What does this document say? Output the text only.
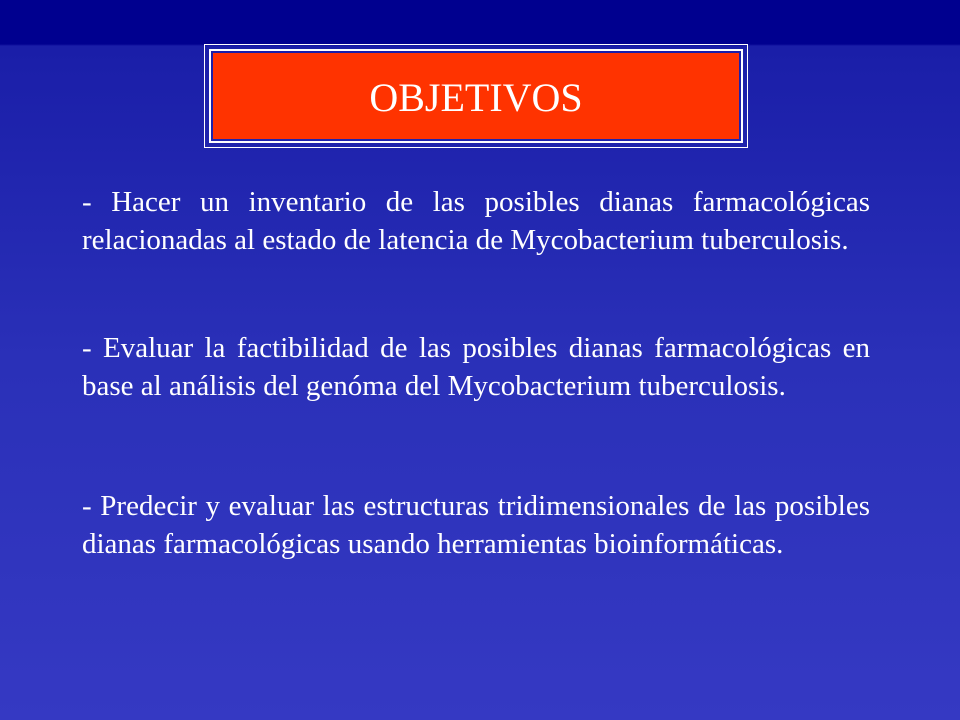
OBJETIVOS

- Hacer un inventario de las posibles dianas farmacológicas relacionadas al estado de latencia de Mycobacterium tuberculosis.

- Evaluar la factibilidad de las posibles dianas farmacológicas en base al análisis del genóma del Mycobacterium tuberculosis.

- Predecir y evaluar las estructuras tridimensionales de las posibles dianas farmacológicas usando herramientas bioinformáticas.
